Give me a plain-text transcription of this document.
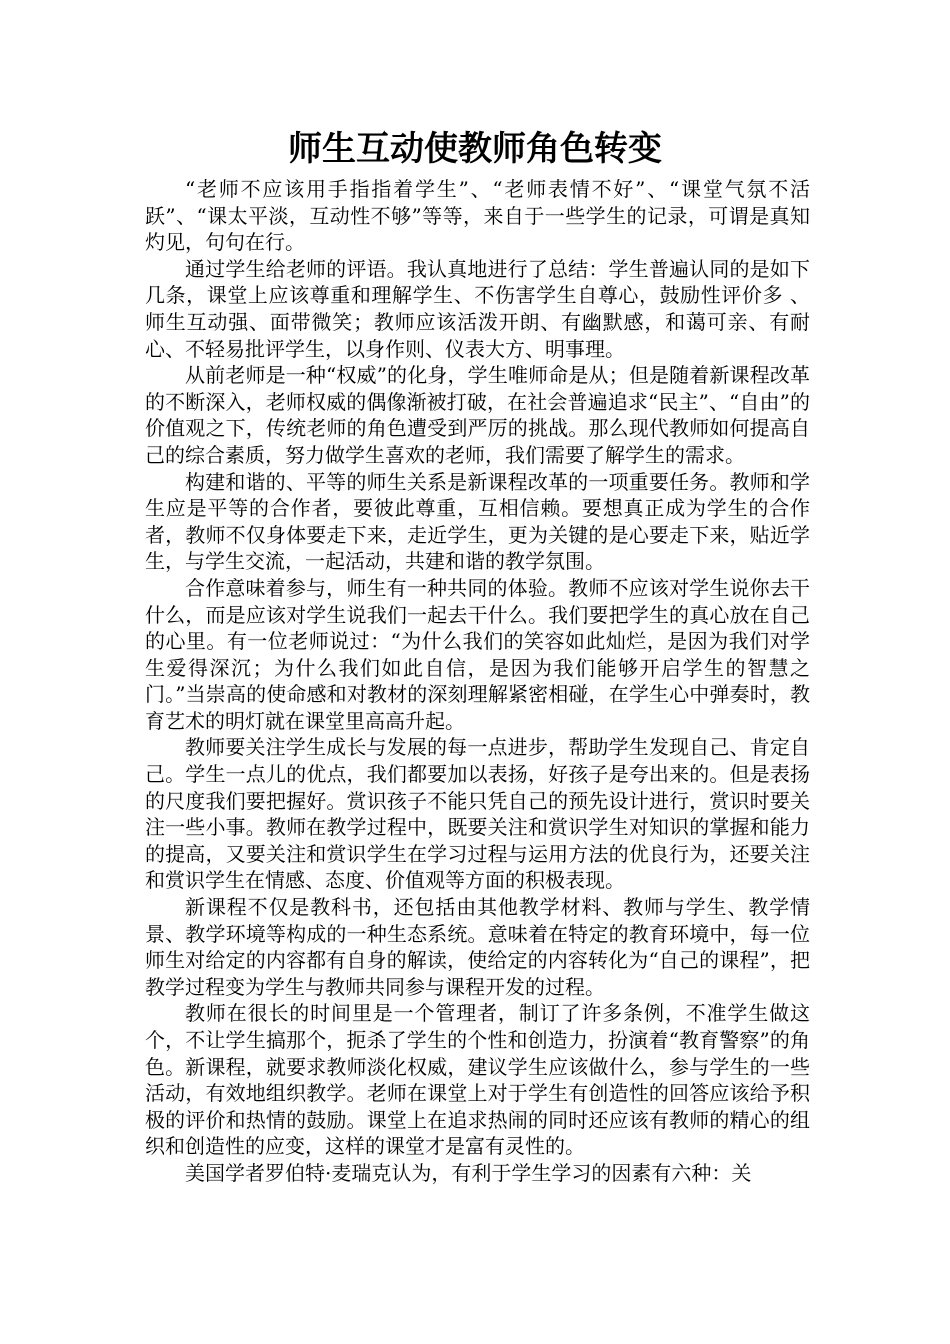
师生互动使教师角色转变

“老师不应该用手指指着学生”、“老师表情不好”、“课堂气氛不活跃”、“课太平淡，互动性不够”等等，来自于一些学生的记录，可谓是真知灼见，句句在行。

通过学生给老师的评语。我认真地进行了总结：学生普遍认同的是如下几条，课堂上应该尊重和理解学生、不伤害学生自尊心，鼓励性评价多 、师生互动强、面带微笑；教师应该活泼开朗、有幽默感，和蔼可亲、有耐心、不轻易批评学生，以身作则、仪表大方、明事理。

从前老师是一种“权威”的化身，学生唯师命是从；但是随着新课程改革的不断深入，老师权威的偶像渐被打破，在社会普遍追求“民主”、“自由”的价值观之下，传统老师的角色遭受到严厉的挑战。那么现代教师如何提高自己的综合素质，努力做学生喜欢的老师，我们需要了解学生的需求。

构建和谐的、平等的师生关系是新课程改革的一项重要任务。教师和学生应是平等的合作者，要彼此尊重，互相信赖。要想真正成为学生的合作者，教师不仅身体要走下来，走近学生，更为关键的是心要走下来，贴近学生，与学生交流，一起活动，共建和谐的教学氛围。

合作意味着参与，师生有一种共同的体验。教师不应该对学生说你去干什么，而是应该对学生说我们一起去干什么。我们要把学生的真心放在自己的心里。有一位老师说过：“为什么我们的笑容如此灿烂，是因为我们对学生爱得深沉；为什么我们如此自信，是因为我们能够开启学生的智慧之门。”当崇高的使命感和对教材的深刻理解紧密相碰，在学生心中弹奏时，教育艺术的明灯就在课堂里高高升起。

教师要关注学生成长与发展的每一点进步，帮助学生发现自己、肯定自己。学生一点儿的优点，我们都要加以表扬，好孩子是夸出来的。但是表扬的尺度我们要把握好。赏识孩子不能只凭自己的预先设计进行，赏识时要关注一些小事。教师在教学过程中，既要关注和赏识学生对知识的掌握和能力的提高，又要关注和赏识学生在学习过程与运用方法的优良行为，还要关注和赏识学生在情感、态度、价值观等方面的积极表现。

新课程不仅是教科书，还包括由其他教学材料、教师与学生、教学情景、教学环境等构成的一种生态系统。意味着在特定的教育环境中，每一位师生对给定的内容都有自身的解读，使给定的内容转化为“自己的课程”，把教学过程变为学生与教师共同参与课程开发的过程。

教师在很长的时间里是一个管理者，制订了许多条例，不准学生做这个，不让学生搞那个，扼杀了学生的个性和创造力，扮演着“教育警察”的角色。新课程，就要求教师淡化权威，建议学生应该做什么，参与学生的一些活动，有效地组织教学。老师在课堂上对于学生有创造性的回答应该给予积极的评价和热情的鼓励。课堂上在追求热闹的同时还应该有教师的精心的组织和创造性的应变，这样的课堂才是富有灵性的。

美国学者罗伯特·麦瑞克认为，有利于学生学习的因素有六种：关
